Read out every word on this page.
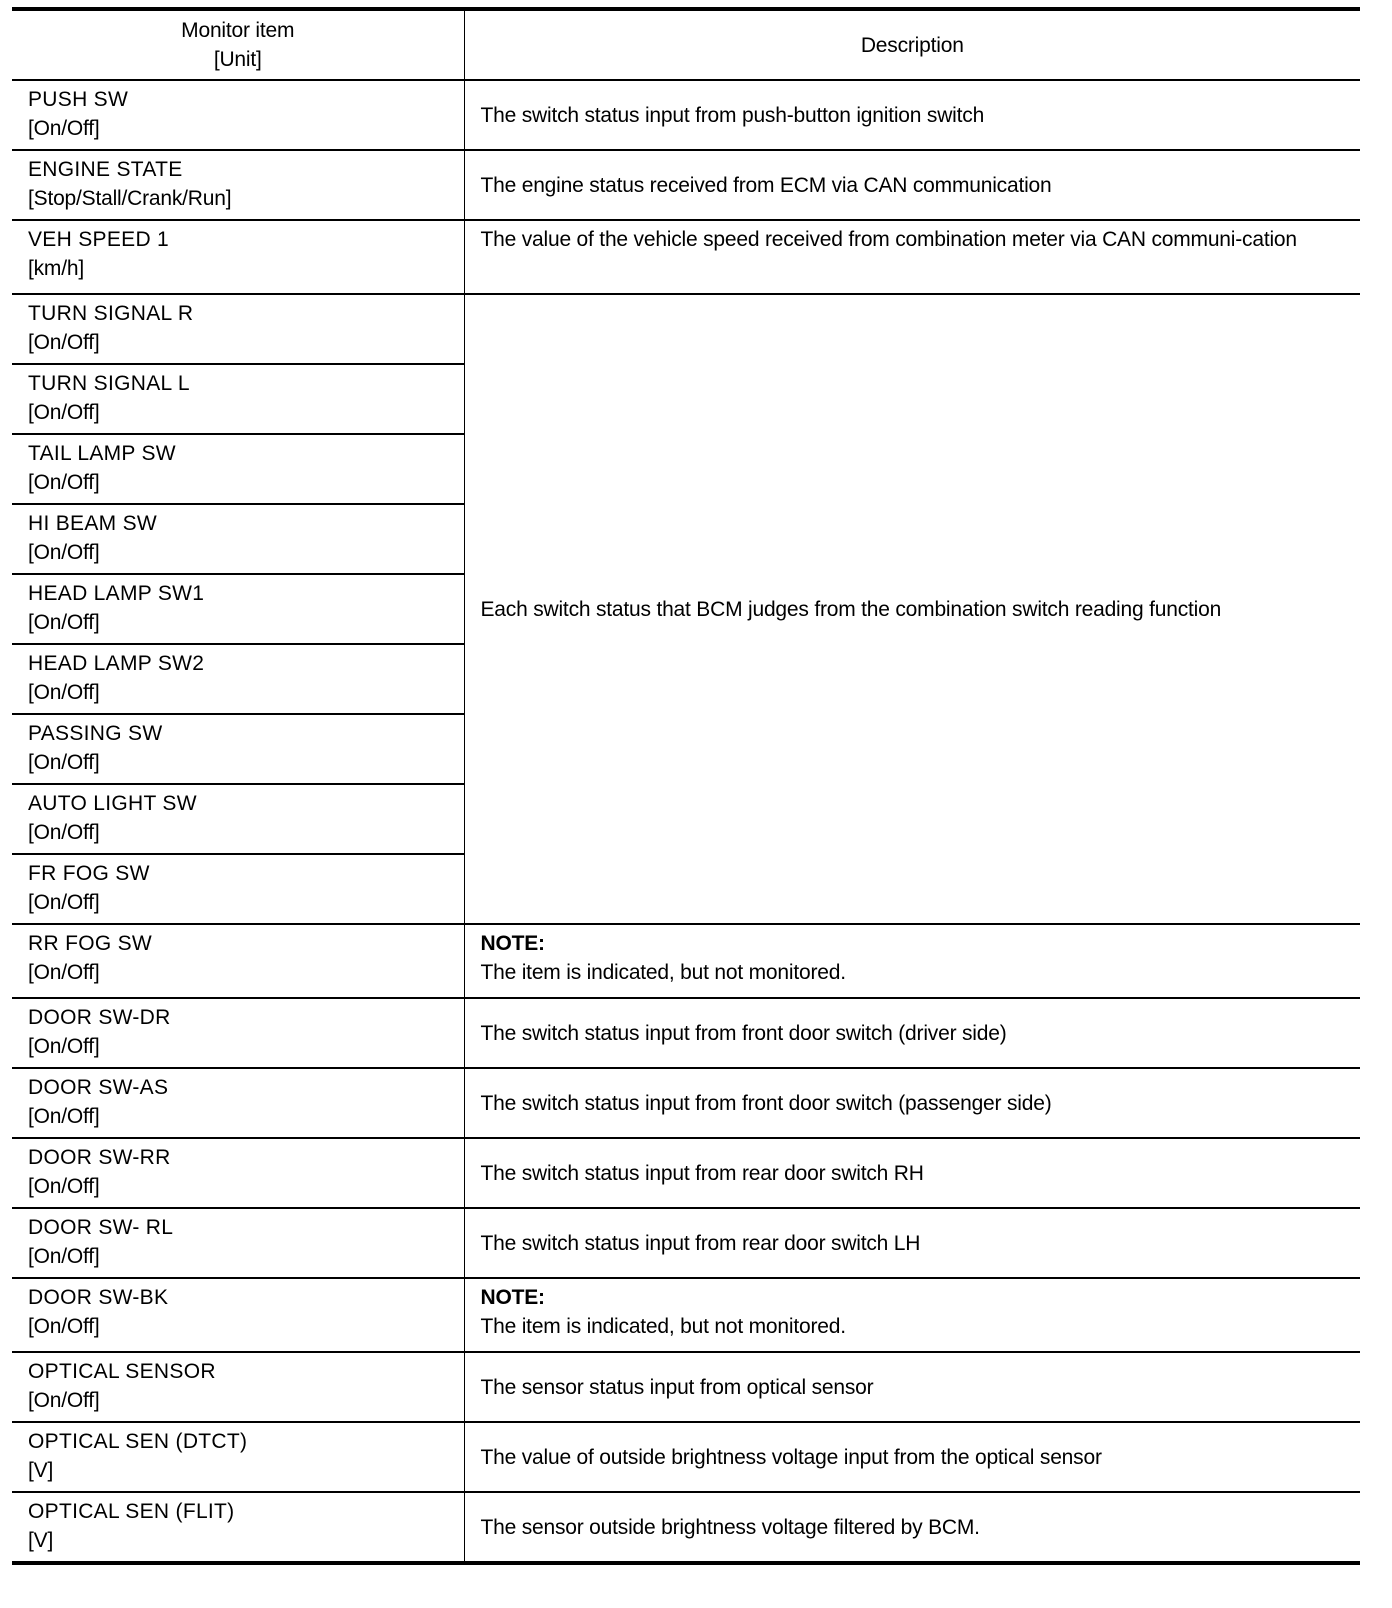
Monitor item
[Unit]	Description

PUSH SW
[On/Off]	The switch status input from push-button ignition switch

ENGINE STATE
[Stop/Stall/Crank/Run]	The engine status received from ECM via CAN communication

VEH SPEED 1
[km/h]	The value of the vehicle speed received from combination meter via CAN communi-cation

TURN SIGNAL R
[On/Off]	Each switch status that BCM judges from the combination switch reading function

TURN SIGNAL L
[On/Off]	

TAIL LAMP SW
[On/Off]	

HI BEAM SW
[On/Off]	

HEAD LAMP SW1
[On/Off]	

HEAD LAMP SW2
[On/Off]	

PASSING SW
[On/Off]	

AUTO LIGHT SW
[On/Off]	

FR FOG SW
[On/Off]	

RR FOG SW
[On/Off]	NOTE:
The item is indicated, but not monitored.

DOOR SW-DR
[On/Off]	The switch status input from front door switch (driver side)

DOOR SW-AS
[On/Off]	The switch status input from front door switch (passenger side)

DOOR SW-RR
[On/Off]	The switch status input from rear door switch RH

DOOR SW- RL
[On/Off]	The switch status input from rear door switch LH

DOOR SW-BK
[On/Off]	NOTE:
The item is indicated, but not monitored.

OPTICAL SENSOR
[On/Off]	The sensor status input from optical sensor

OPTICAL SEN (DTCT)
[V]	The value of outside brightness voltage input from the optical sensor

OPTICAL SEN (FLIT)
[V]	The sensor outside brightness voltage filtered by BCM.
